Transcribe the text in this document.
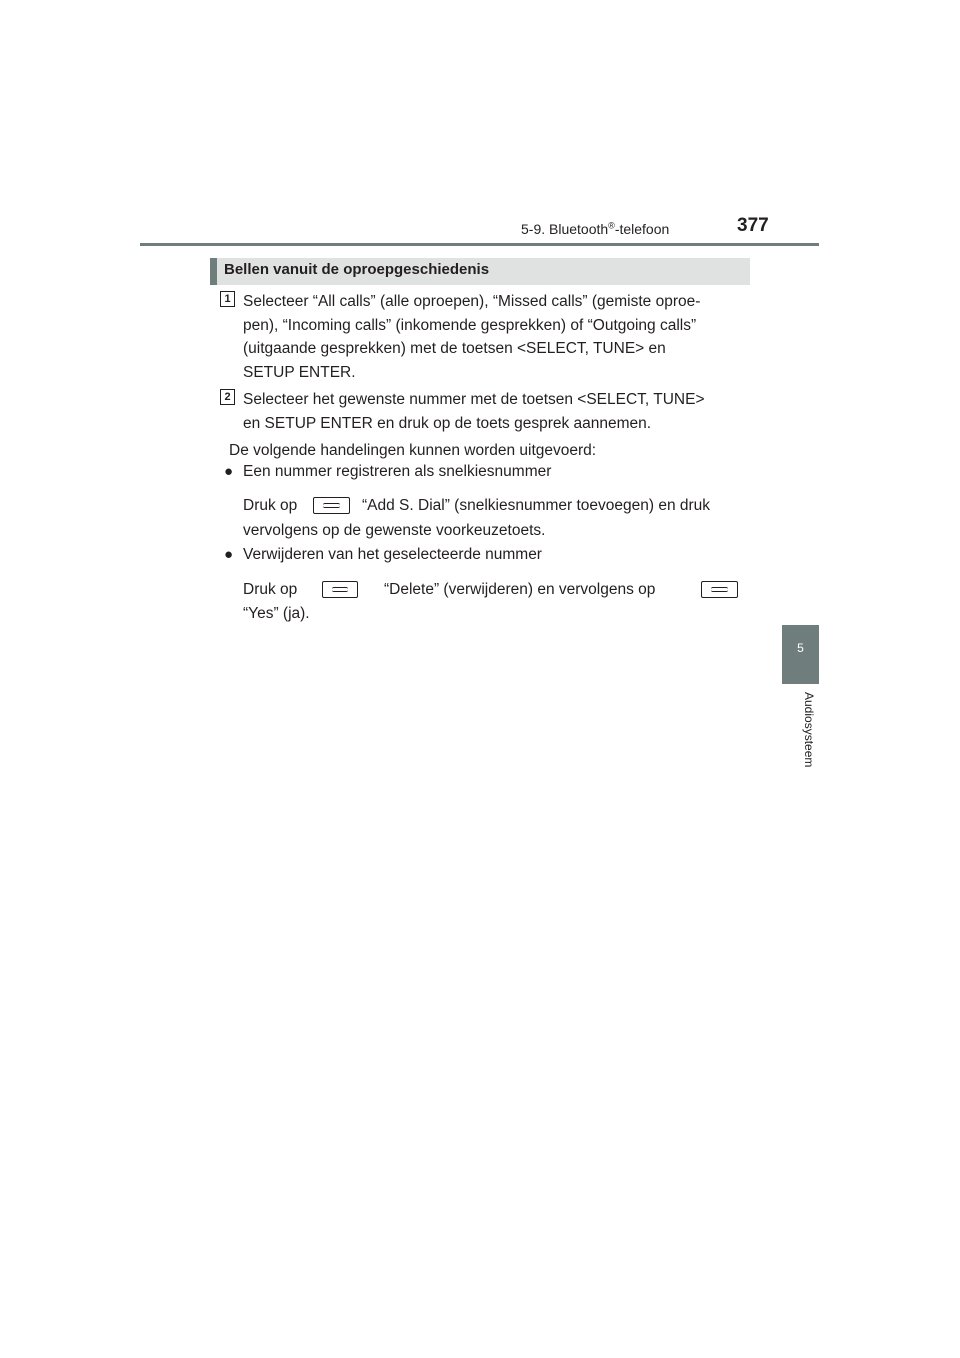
5-9. Bluetooth®-telefoon	377
5
Audiosysteem
Bellen vanuit de oproepgeschiedenis
1 Selecteer “All calls” (alle oproepen), “Missed calls” (gemiste oproe-
pen), “Incoming calls” (inkomende gesprekken) of “Outgoing calls”
(uitgaande gesprekken) met de toetsen <SELECT, TUNE> en
SETUP ENTER.
2 Selecteer het gewenste nummer met de toetsen <SELECT, TUNE>
en SETUP ENTER en druk op de toets gesprek aannemen.
De volgende handelingen kunnen worden uitgevoerd:
● Een nummer registreren als snelkiesnummer
Druk op	“Add S. Dial” (snelkiesnummer toevoegen) en druk
vervolgens op de gewenste voorkeuzetoets.
● Verwijderen van het geselecteerde nummer
Druk op	“Delete” (verwijderen) en vervolgens op
“Yes” (ja).
